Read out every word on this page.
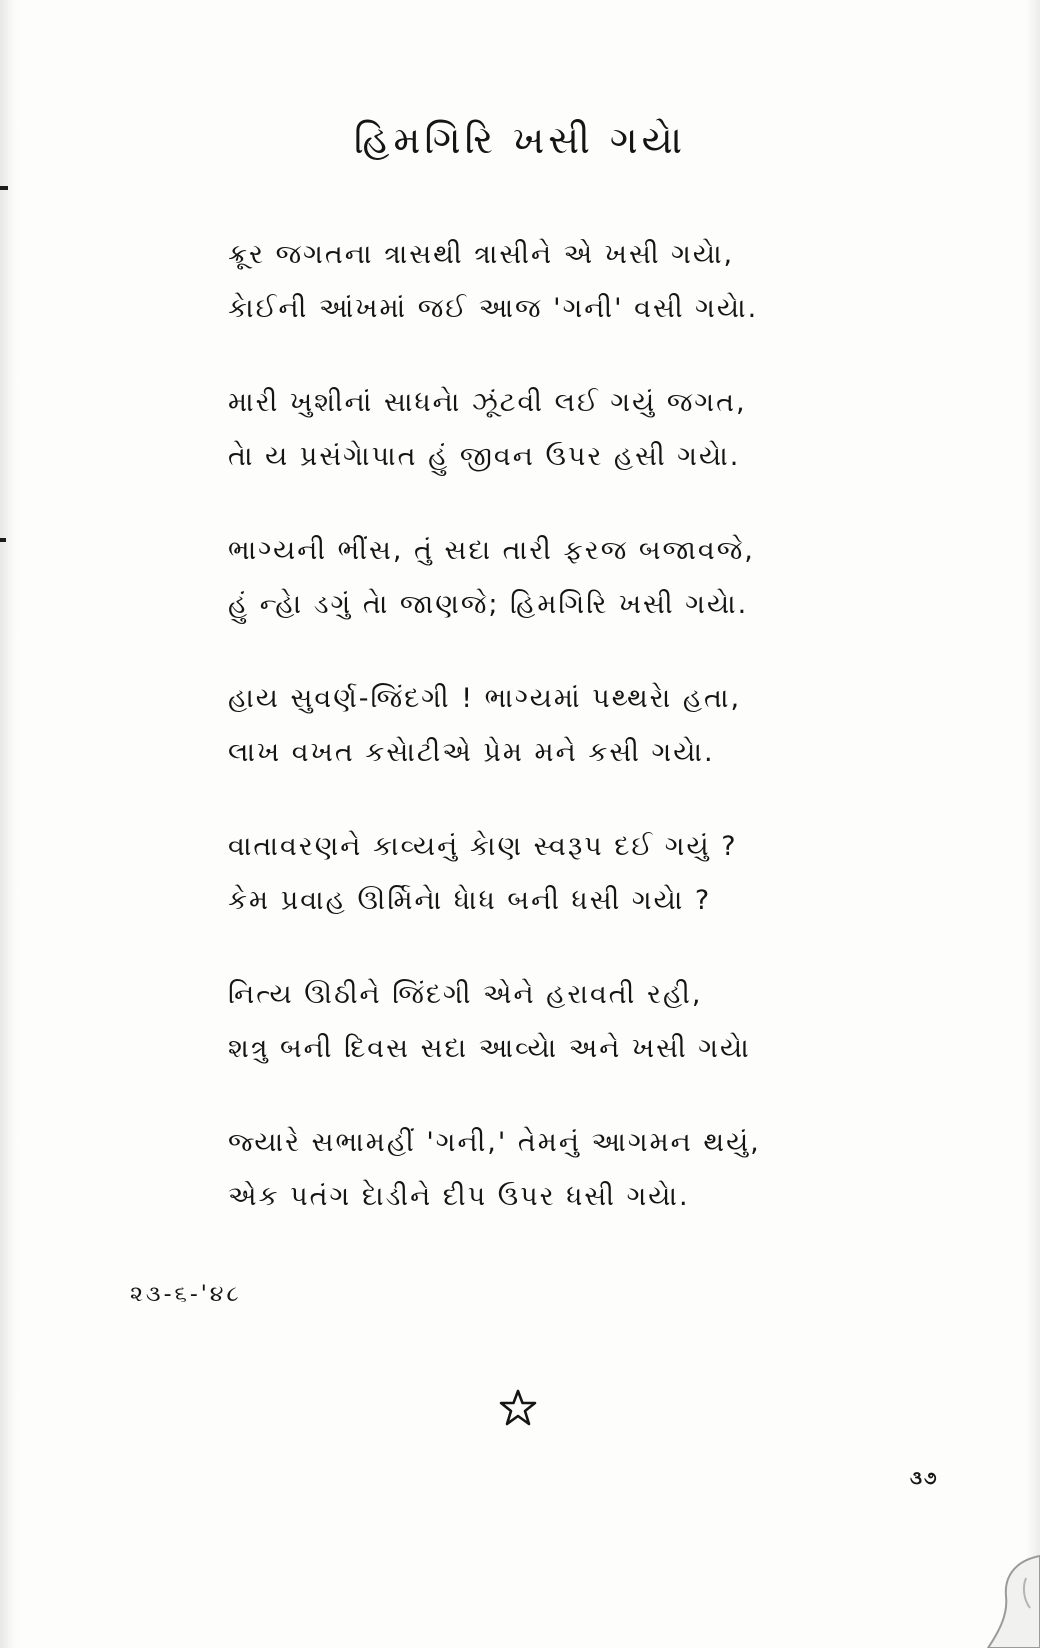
હિમગિરિ ખસી ગયેા
ક્રૂર જગતના ત્રાસથી ત્રાસીને એ ખસી ગયેા,
કેાઈની આંખમાં જઈ આજ 'ગની' વસી ગયેા.
મારી ખુશીનાં સાધનેા ઝૂંટવી લઈ ગયું જગત,
તેા ય પ્રસંગેાપાત હું જીવન ઉપર હસી ગયેા.
ભાગ્યની ભીંસ, તું સદા તારી ફરજ બજાવજે,
હું ન્હેા ડગું તેા જાણજે; હિમગિરિ ખસી ગયેા.
હાય સુવર્ણ-જિંદગી ! ભાગ્યમાં પથ્થરેા હતા,
લાખ વખત કસેાટીએ પ્રેમ મને કસી ગયેા.
વાતાવરણને કાવ્યનું કેાણ સ્વરૂપ દઈ ગયું ?
કેમ પ્રવાહ ઊર્મિનેા ધેાધ બની ધસી ગયેા ?
નિત્ય ઊઠીને જિંદગી એને હરાવતી રહી,
શત્રુ બની દિવસ સદા આવ્યેા અને ખસી ગયેા
જ્યારે સભામહીં 'ગની,' તેમનું આગમન થયું,
એક પતંગ દેાડીને દીપ ઉપર ધસી ગયેા.
૨૩-૬-'૪૮
૩૭
